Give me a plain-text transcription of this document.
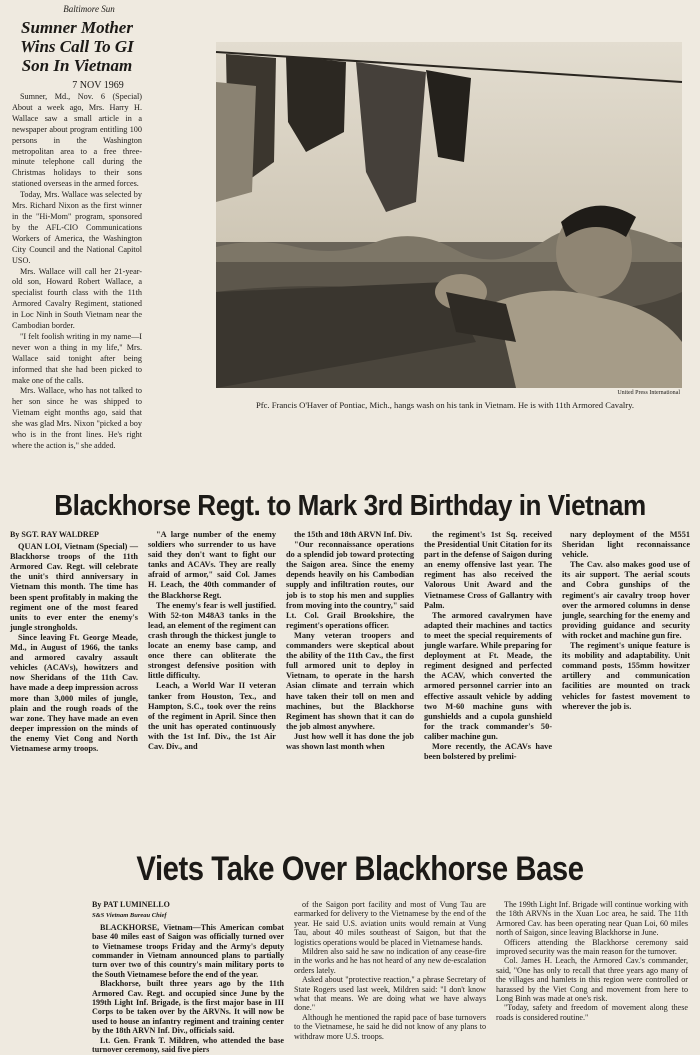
Baltimore Sun
Sumner Mother Wins Call To GI Son In Vietnam
7 NOV 1969

Sumner, Md., Nov. 6 (Special) About a week ago, Mrs. Harry H. Wallace saw a small article in a newspaper about program entitling 100 persons in the Washington metropolitan area to a free three-minute telephone call during the Christmas holidays to their sons stationed overseas in the armed forces.

Today, Mrs. Wallace was selected by Mrs. Richard Nixon as the first winner in the "Hi-Mom" program, sponsored by the AFL-CIO Communications Workers of America, the Washington City Council and the National Capitol USO.

Mrs. Wallace will call her 21-year-old son, Howard Robert Wallace, a specialist fourth class with the 11th Armored Cavalry Regiment, stationed in Loc Ninh in South Vietnam near the Cambodian border.

"I felt foolish writing in my name—I never won a thing in my life," Mrs. Wallace said tonight after being informed that she had been picked to make one of the calls.

Mrs. Wallace, who has not talked to her son since he was shipped to Vietnam eight months ago, said that she was glad Mrs. Nixon "picked a boy who is in the front lines. He's right where the action is," she added.

United Press International
Pfc. Francis O'Haver of Pontiac, Mich., hangs wash on his tank in Vietnam. He is with 11th Armored Cavalry.
Blackhorse Regt. to Mark 3rd Birthday in Vietnam
By SGT. RAY WALDREP

QUAN LOI, Vietnam (Special) — Blackhorse troops of the 11th Armored Cav. Regt. will celebrate the unit's third anniversary in Vietnam this month. The time has been spent profitably in making the regiment one of the most feared units to ever enter the enemy's jungle strongholds.

Since leaving Ft. George Meade, Md., in August of 1966, the tanks and armored cavalry assault vehicles (ACAVs), howitzers and now Sheridans of the 11th Cav. have made a deep impression across more than 3,000 miles of jungle, plain and the rough roads of the war zone. They have made an even deeper impression on the minds of the enemy Viet Cong and North Vietnamese army troops.

"A large number of the enemy soldiers who surrender to us have said they don't want to fight our tanks and ACAVs. They are really afraid of armor," said Col. James H. Leach, the 40th commander of the Blackhorse Regt.

The enemy's fear is well justified. With 52-ton M48A3 tanks in the lead, an element of the regiment can crash through the thickest jungle to locate an enemy base camp, and once there can obliterate the strongest defensive position with little difficulty.

Leach, a World War II veteran tanker from Houston, Tex., and Hampton, S.C., took over the reins of the regiment in April. Since then the unit has operated continuously with the 1st Inf. Div., the 1st Air Cav. Div., and

the 15th and 18th ARVN Inf. Div.

"Our reconnaissance operations do a splendid job toward protecting the Saigon area. Since the enemy depends heavily on his Cambodian supply and infiltration routes, our job is to stop his men and supplies from moving into the country," said Lt. Col. Grail Brookshire, the regiment's operations officer.

Many veteran troopers and commanders were skeptical about the ability of the 11th Cav., the first full armored unit to deploy in Vietnam, to operate in the harsh Asian climate and terrain which have taken their toll on men and machines, but the Blackhorse Regiment has shown that it can do the job almost anywhere.

Just how well it has done the job was shown last month when

the regiment's 1st Sq. received the Presidential Unit Citation for its part in the defense of Saigon during an enemy offensive last year. The regiment has also received the Valorous Unit Award and the Vietnamese Cross of Gallantry with Palm.

The armored cavalrymen have adapted their machines and tactics to meet the special requirements of jungle warfare. While preparing for deployment at Ft. Meade, the regiment designed and perfected the ACAV, which converted the armored personnel carrier into an effective assault vehicle by adding two M-60 machine guns with gunshields and a cupola gunshield for the track commander's 50-caliber machine gun.

More recently, the ACAVs have been bolstered by prelimi-

nary deployment of the M551 Sheridan light reconnaissance vehicle.

The Cav. also makes good use of its air support. The aerial scouts and Cobra gunships of the regiment's air cavalry troop hover over the armored columns in dense jungle, searching for the enemy and providing guidance and security with rocket and machine gun fire.

The regiment's unique feature is its mobility and adaptability. Unit command posts, 155mm howitzer artillery and communication facilities are mounted on track vehicles for fastest movement to wherever the job is.

Viets Take Over Blackhorse Base
By PAT LUMINELLO
S&S Vietnam Bureau Chief

BLACKHORSE, Vietnam—This American combat base 40 miles east of Saigon was officially turned over to Vietnamese troops Friday and the Army's deputy commander in Vietnam announced plans to partially turn over two of this country's main military ports to the South Vietnamese before the end of the year.

Blackhorse, built three years ago by the 11th Armored Cav. Regt. and occupied since June by the 199th Light Inf. Brigade, is the first major base in III Corps to be taken over by the ARVNs. It will now be used to house an infantry regiment and training center by the 18th ARVN Inf. Div., officials said.

Lt. Gen. Frank T. Mildren, who attended the base turnover ceremony, said five piers

of the Saigon port facility and most of Vung Tau are earmarked for delivery to the Vietnamese by the end of the year. He said U.S. aviation units would remain at Vung Tau, about 40 miles southeast of Saigon, but that the logistics operations would be placed in Vietnamese hands.

Mildren also said he saw no indication of any cease-fire in the works and he has not heard of any new de-escalation orders lately.

Asked about "protective reaction," a phrase Secretary of State Rogers used last week, Mildren said: "I don't know what that means. We are doing what we have always done."

Although he mentioned the rapid pace of base turnovers to the Vietnamese, he said he did not know of any plans to withdraw more U.S. troops.

The 199th Light Inf. Brigade will continue working with the 18th ARVNs in the Xuan Loc area, he said. The 11th Armored Cav. has been operating near Quan Loi, 60 miles north of Saigon, since leaving Blackhorse in June.

Officers attending the Blackhorse ceremony said improved security was the main reason for the turnover.

Col. James H. Leach, the Armored Cav.'s commander, said, "One has only to recall that three years ago many of the villages and hamlets in this region were controlled or harassed by the Viet Cong and movement from here to Long Binh was made at one's risk.

"Today, safety and freedom of movement along these roads is considered routine."
